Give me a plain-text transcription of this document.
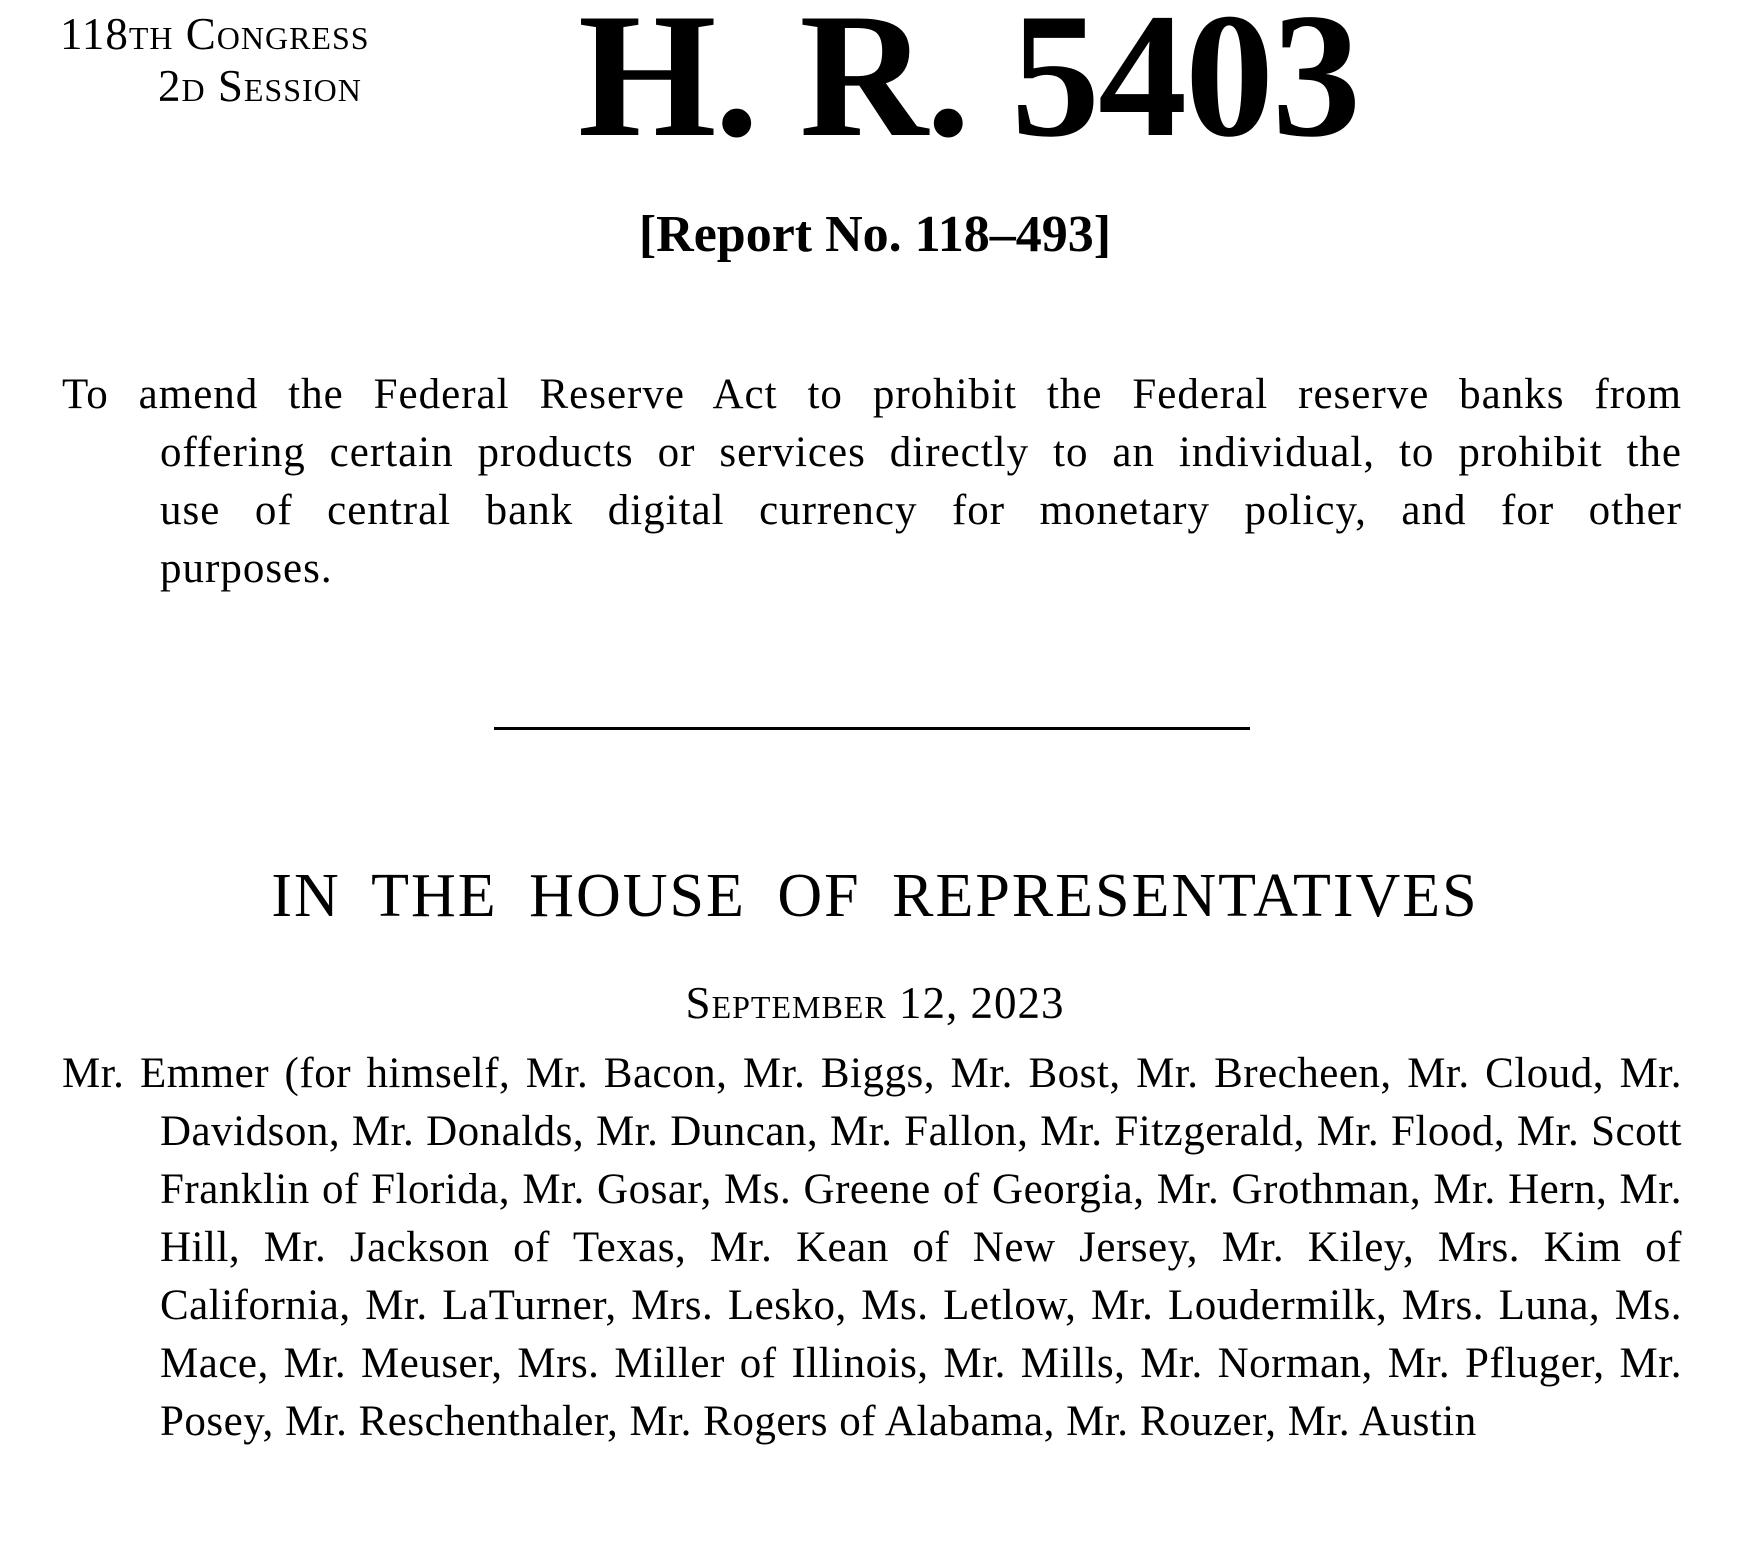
118th Congress
2d Session	H. R. 5403
[Report No. 118–493]

To amend the Federal Reserve Act to prohibit the Federal reserve banks from offering certain products or services directly to an individual, to prohibit the use of central bank digital currency for monetary policy, and for other purposes.

IN THE HOUSE OF REPRESENTATIVES
September 12, 2023

Mr. Emmer (for himself, Mr. Bacon, Mr. Biggs, Mr. Bost, Mr. Brecheen, Mr. Cloud, Mr. Davidson, Mr. Donalds, Mr. Duncan, Mr. Fallon, Mr. Fitzgerald, Mr. Flood, Mr. Scott Franklin of Florida, Mr. Gosar, Ms. Greene of Georgia, Mr. Grothman, Mr. Hern, Mr. Hill, Mr. Jackson of Texas, Mr. Kean of New Jersey, Mr. Kiley, Mrs. Kim of California, Mr. LaTurner, Mrs. Lesko, Ms. Letlow, Mr. Loudermilk, Mrs. Luna, Ms. Mace, Mr. Meuser, Mrs. Miller of Illinois, Mr. Mills, Mr. Norman, Mr. Pfluger, Mr. Posey, Mr. Reschenthaler, Mr. Rogers of Alabama, Mr. Rouzer, Mr. Austin
